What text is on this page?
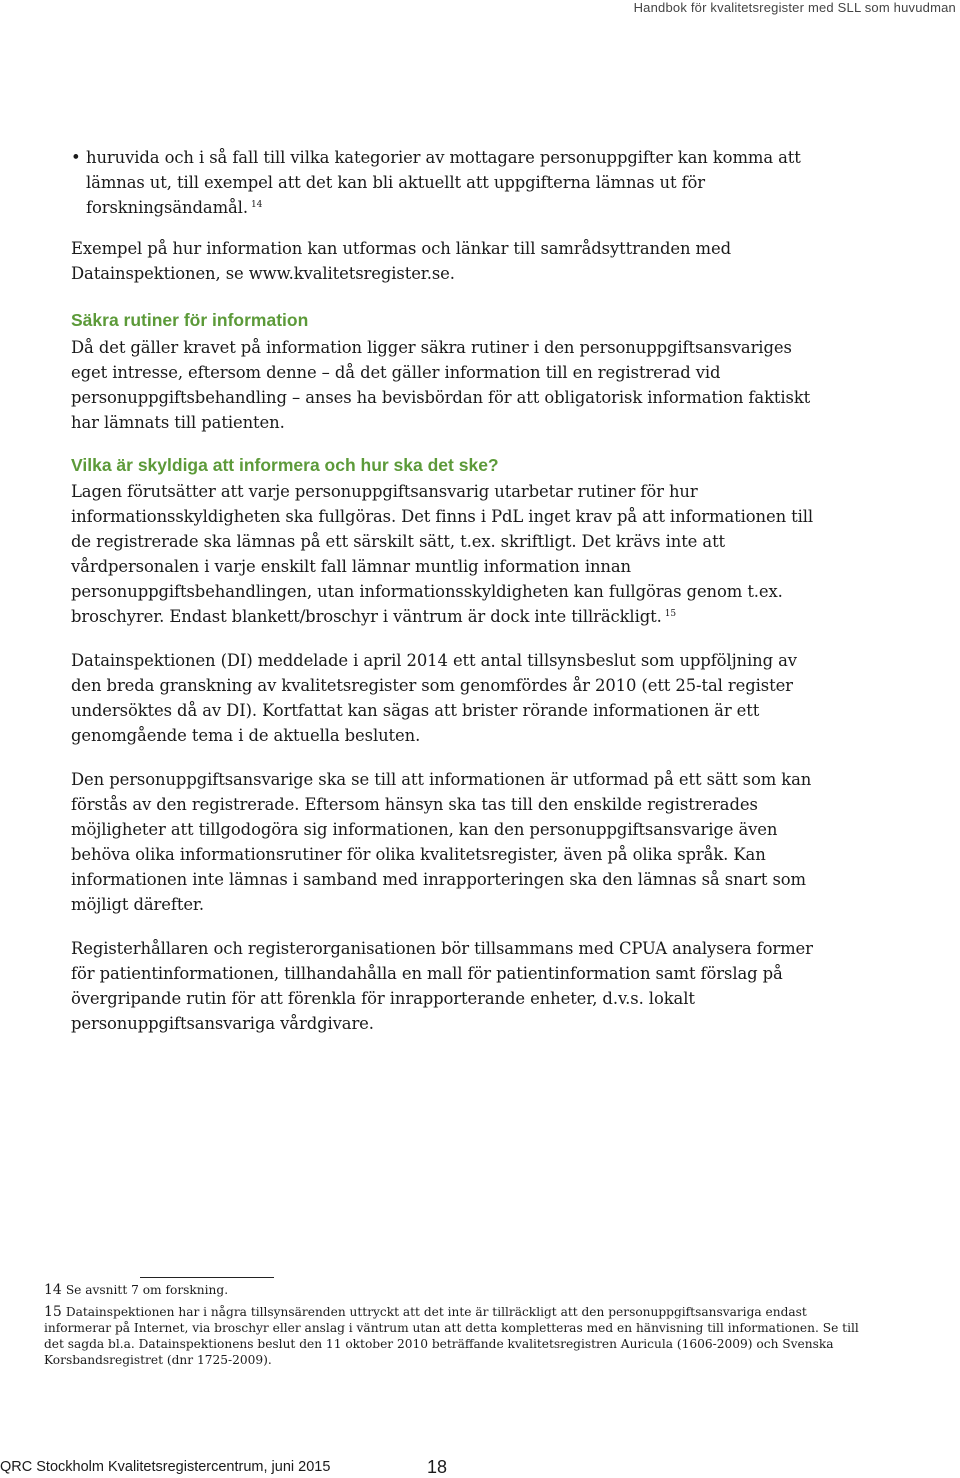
Handbok för kvalitetsregister med SLL som huvudman
• huruvida och i så fall till vilka kategorier av mottagare personuppgifter kan komma att lämnas ut, till exempel att det kan bli aktuellt att uppgifterna lämnas ut för forskningsändamål. $^{14}$

Exempel på hur information kan utformas och länkar till samrådsyttranden med Datainspektionen, se www.kvalitetsregister.se.

Säkra rutiner för information

Då det gäller kravet på information ligger säkra rutiner i den personuppgiftsansvariges eget intresse, eftersom denne – då det gäller information till en registrerad vid personuppgiftsbehandling – anses ha bevisbördan för att obligatorisk information faktiskt har lämnats till patienten.

Vilka är skyldiga att informera och hur ska det ske?

Lagen förutsätter att varje personuppgiftsansvarig utarbetar rutiner för hur informationsskyldigheten ska fullgöras. Det finns i PdL inget krav på att informationen till de registrerade ska lämnas på ett särskilt sätt, t.ex. skriftligt. Det krävs inte att vårdpersonalen i varje enskilt fall lämnar muntlig information innan personuppgiftsbehandlingen, utan informationsskyldigheten kan fullgöras genom t.ex. broschyrer. Endast blankett/broschyr i väntrum är dock inte tillräckligt. $^{15}$

Datainspektionen (DI) meddelade i april 2014 ett antal tillsynsbeslut som uppföljning av den breda granskning av kvalitetsregister som genomfördes år 2010 (ett 25-tal register undersöktes då av DI). Kortfattat kan sägas att brister rörande informationen är ett genomgående tema i de aktuella besluten.

Den personuppgiftsansvarige ska se till att informationen är utformad på ett sätt som kan förstås av den registrerade. Eftersom hänsyn ska tas till den enskilde registrerades möjligheter att tillgodogöra sig informationen, kan den personuppgiftsansvarige även behöva olika informationsrutiner för olika kvalitetsregister, även på olika språk. Kan informationen inte lämnas i samband med inrapporteringen ska den lämnas så snart som möjligt därefter.

Registerhållaren och registerorganisationen bör tillsammans med CPUA analysera former för patientinformationen, tillhandahålla en mall för patientinformation samt förslag på övergripande rutin för att förenkla för inrapporterande enheter, d.v.s. lokalt personuppgiftsansvariga vårdgivare.

14 Se avsnitt 7 om forskning.

15 Datainspektionen har i några tillsynsärenden uttryckt att det inte är tillräckligt att den personuppgiftsansvariga endast informerar på Internet, via broschyr eller anslag i väntrum utan att detta kompletteras med en hänvisning till informationen. Se till det sagda bl.a. Datainspektionens beslut den 11 oktober 2010 beträffande kvalitetsregistren Auricula (1606-2009) och Svenska Korsbandsregistret (dnr 1725-2009).

QRC Stockholm Kvalitetsregistercentrum, juni 2015	18
